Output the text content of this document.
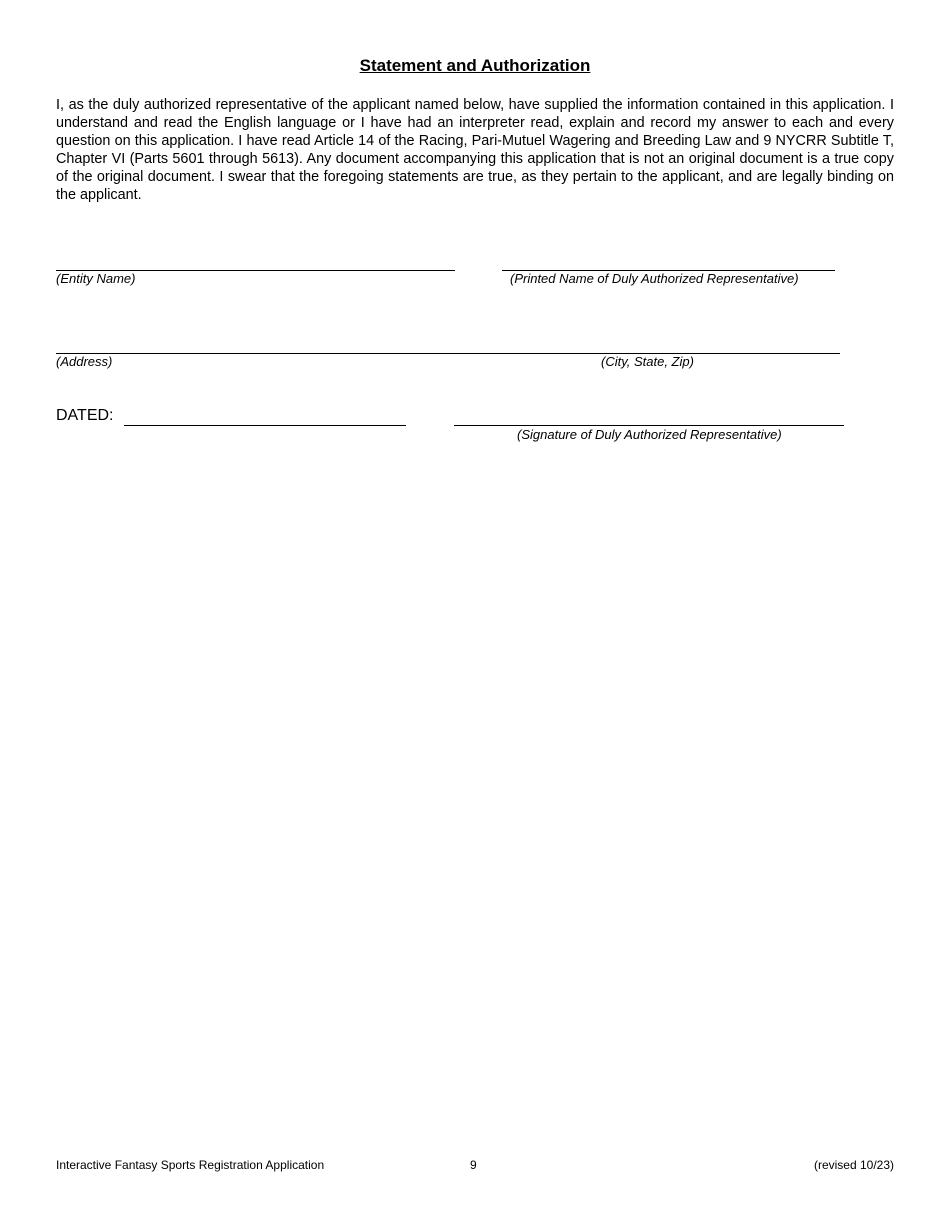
Statement and Authorization

I, as the duly authorized representative of the applicant named below, have supplied the information contained in this application. I understand and read the English language or I have had an interpreter read, explain and record my answer to each and every question on this application. I have read Article 14 of the Racing, Pari-Mutuel Wagering and Breeding Law and 9 NYCRR Subtitle T, Chapter VI (Parts 5601 through 5613). Any document accompanying this application that is not an original document is a true copy of the original document. I swear that the foregoing statements are true, as they pertain to the applicant, and are legally binding on the applicant.

(Entity Name)	(Printed Name of Duly Authorized Representative)
(Address)	(City, State, Zip)
DATED:
(Signature of Duly Authorized Representative)
Interactive Fantasy Sports Registration Application	9	(revised 10/23)
